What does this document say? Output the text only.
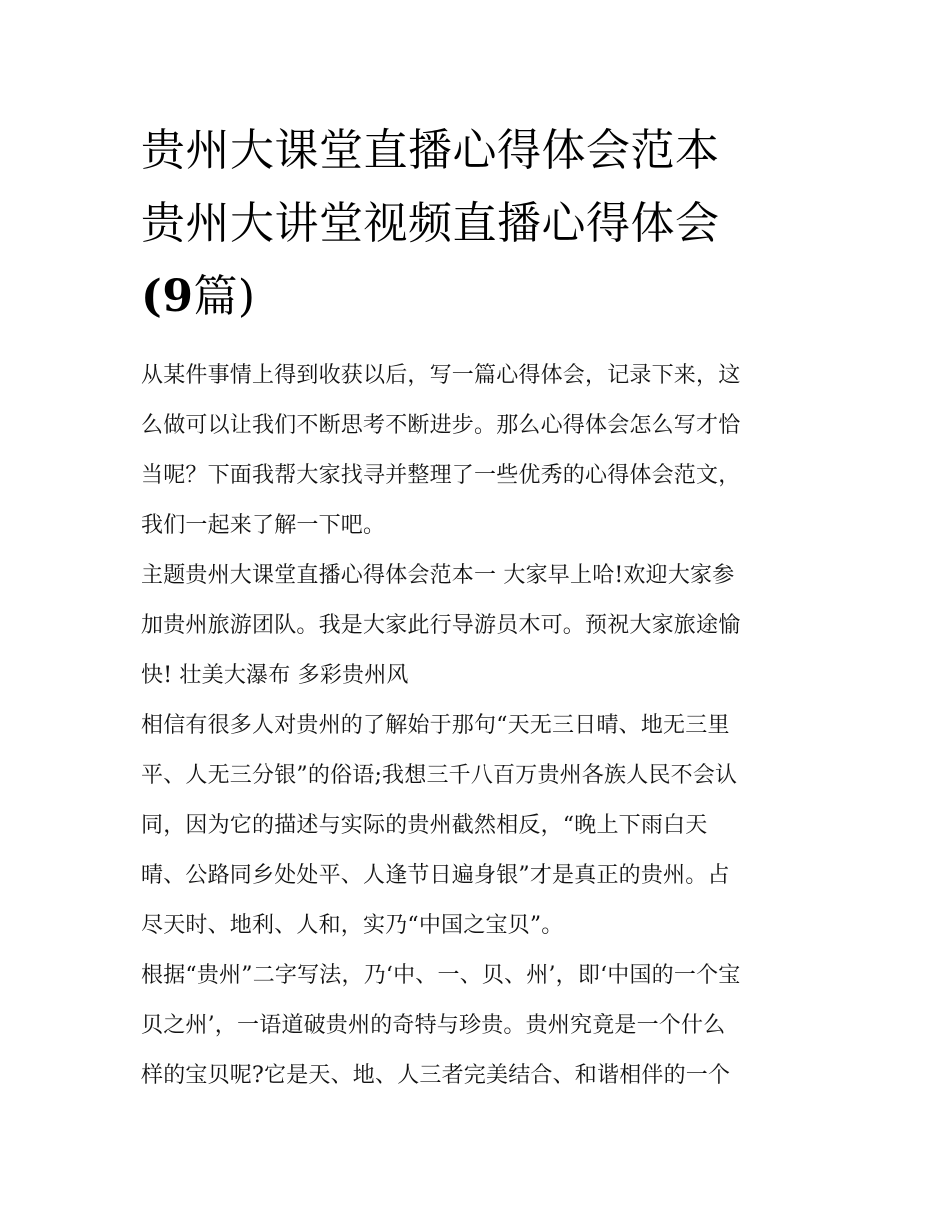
贵州大课堂直播心得体会范本
贵州大讲堂视频直播心得体会
(9篇)

从某件事情上得到收获以后，写一篇心得体会，记录下来，这
么做可以让我们不断思考不断进步。那么心得体会怎么写才恰
当呢？下面我帮大家找寻并整理了一些优秀的心得体会范文，
我们一起来了解一下吧。

主题贵州大课堂直播心得体会范本一 大家早上哈!欢迎大家参
加贵州旅游团队。我是大家此行导游员木可。预祝大家旅途愉
快! 壮美大瀑布 多彩贵州风

相信有很多人对贵州的了解始于那句“天无三日晴、地无三里
平、人无三分银”的俗语;我想三千八百万贵州各族人民不会认
同，因为它的描述与实际的贵州截然相反，“晚上下雨白天
晴、公路同乡处处平、人逢节日遍身银”才是真正的贵州。占
尽天时、地利、人和，实乃“中国之宝贝”。

根据“贵州”二字写法，乃‘中、一、贝、州’，即‘中国的一个宝
贝之州’，一语道破贵州的奇特与珍贵。贵州究竟是一个什么
样的宝贝呢?它是天、地、人三者完美结合、和谐相伴的一个
